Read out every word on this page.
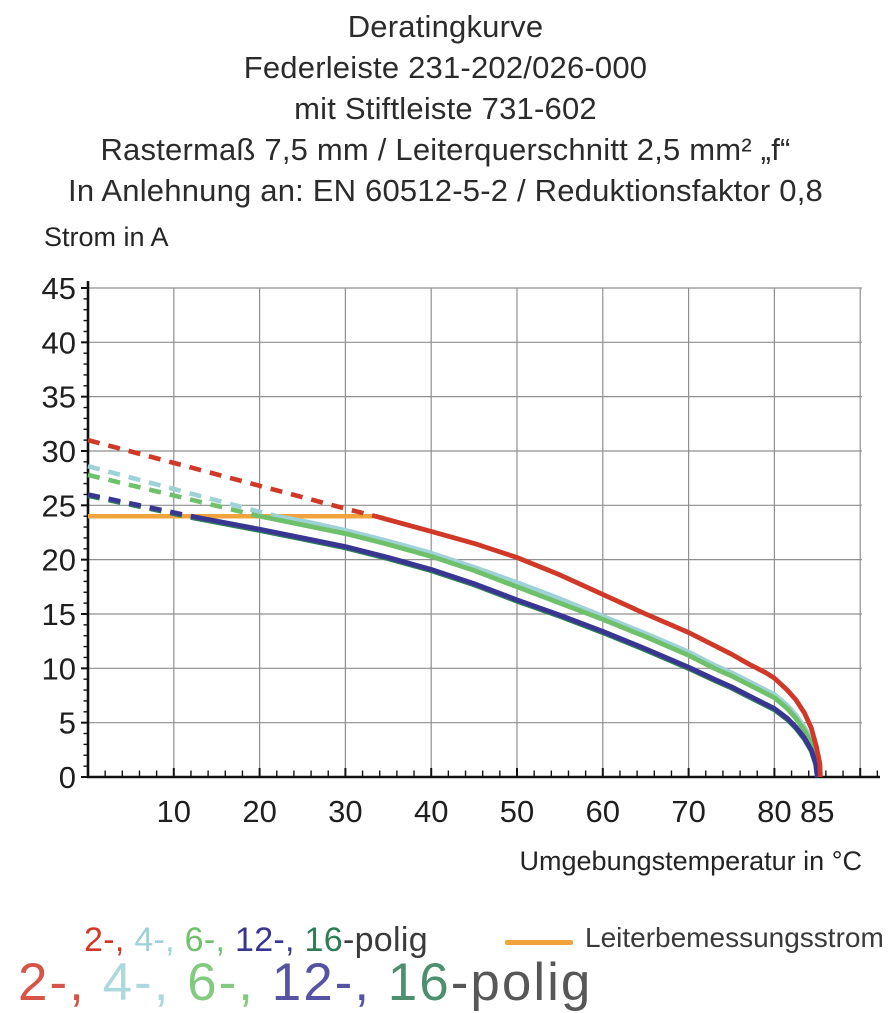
Deratingkurve
Federleiste 231-202/026-000
mit Stiftleiste 731-602
Rastermaß 7,5 mm / Leiterquerschnitt 2,5 mm² „f“
In Anlehnung an: EN 60512-5-2 / Reduktionsfaktor 0,8
Strom in A
0
5
10
15
20
25
30
35
40
45
10 20 30 40 50 60 70 80 85
Umgebungstemperatur in °C
2-, 4-, 6-, 12-, 16-polig	Leiterbemessungsstrom
2-, 4-, 6-, 12-, 16-polig
